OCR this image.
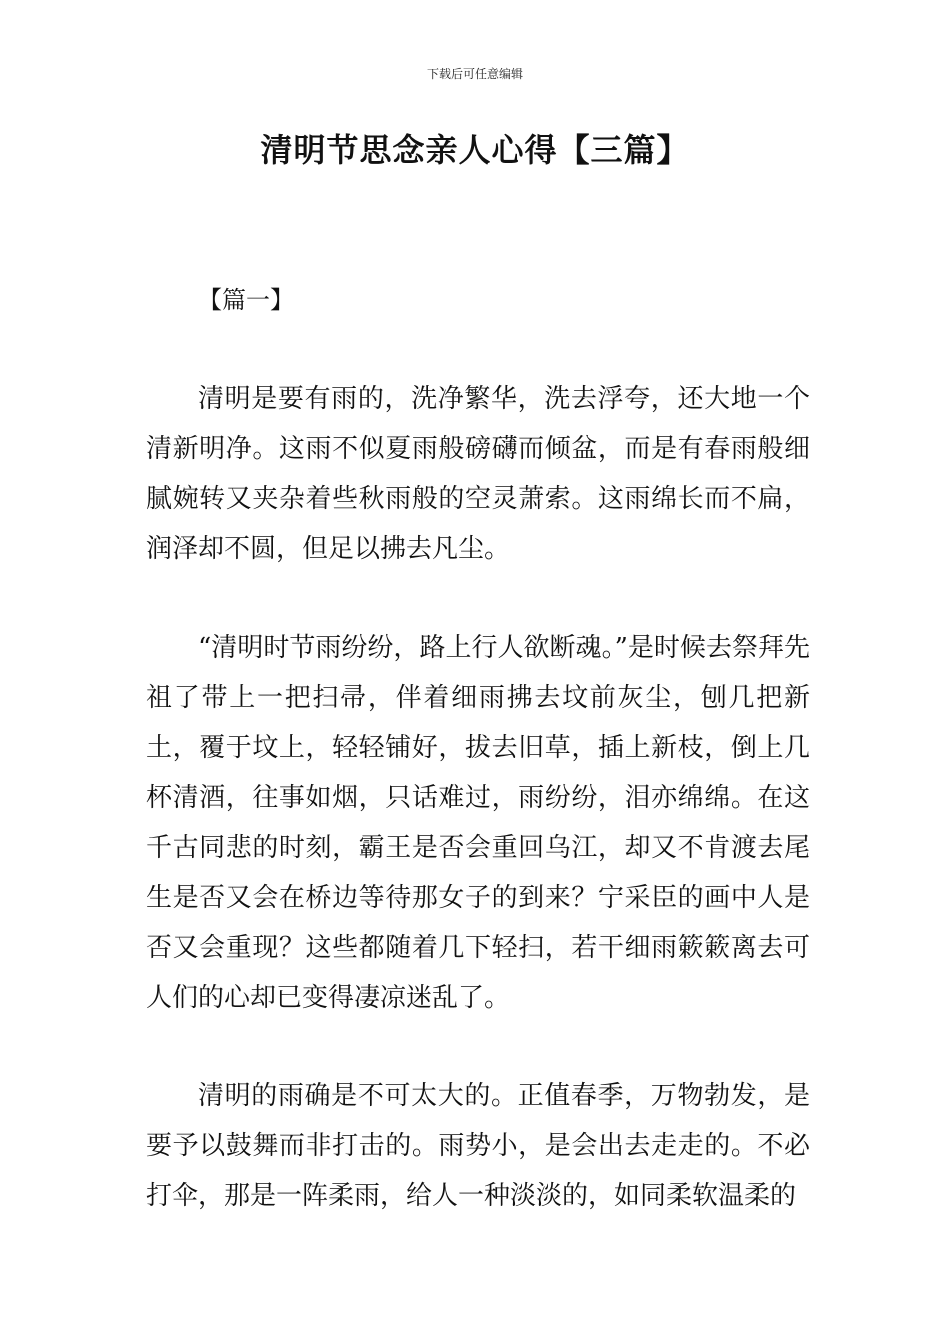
下载后可任意编辑
清明节思念亲人心得【三篇】
【篇一】

清明是要有雨的，洗净繁华，洗去浮夸，还大地一个清新明净。这雨不似夏雨般磅礴而倾盆，而是有春雨般细腻婉转又夹杂着些秋雨般的空灵萧索。这雨绵长而不扁，润泽却不圆，但足以拂去凡尘。

“清明时节雨纷纷，路上行人欲断魂。”是时候去祭拜先祖了带上一把扫帚，伴着细雨拂去坟前灰尘，刨几把新土，覆于坟上，轻轻铺好，拔去旧草，插上新枝，倒上几杯清酒，往事如烟，只话难过，雨纷纷，泪亦绵绵。在这千古同悲的时刻，霸王是否会重回乌江，却又不肯渡去尾生是否又会在桥边等待那女子的到来？宁采臣的画中人是否又会重现？这些都随着几下轻扫，若干细雨簌簌离去可人们的心却已变得凄凉迷乱了。

清明的雨确是不可太大的。正值春季，万物勃发，是要予以鼓舞而非打击的。雨势小，是会出去走走的。不必打伞，那是一阵柔雨，给人一种淡淡的，如同柔软温柔的
